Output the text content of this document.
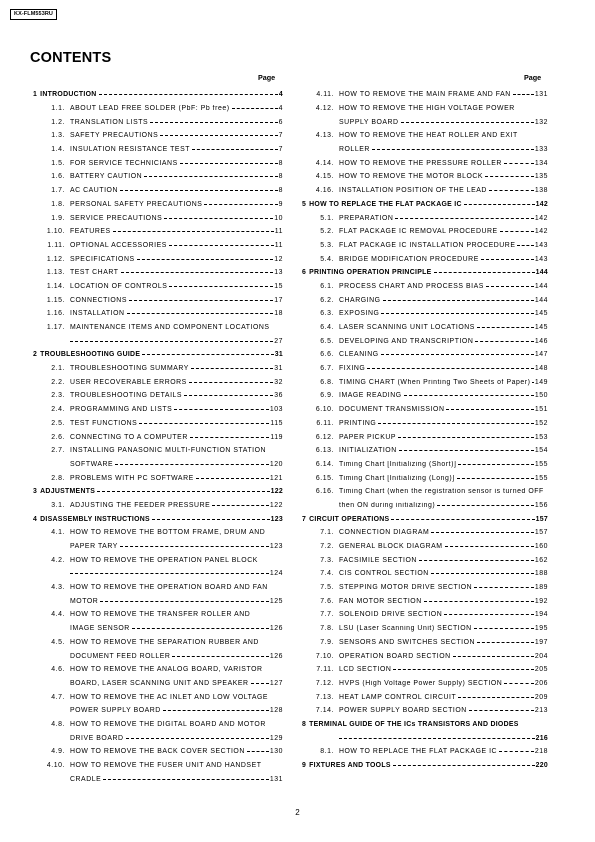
KX-FLM553RU
CONTENTS
Page	Page
1 INTRODUCTION	4
1.1. ABOUT LEAD FREE SOLDER (PbF: Pb free)	4
1.2. TRANSLATION LISTS	6
1.3. SAFETY PRECAUTIONS	7
1.4. INSULATION RESISTANCE TEST	7
1.5. FOR SERVICE TECHNICIANS	8
1.6. BATTERY CAUTION	8
1.7. AC CAUTION	8
1.8. PERSONAL SAFETY PRECAUTIONS	9
1.9. SERVICE PRECAUTIONS	10
1.10. FEATURES	11
1.11. OPTIONAL ACCESSORIES	11
1.12. SPECIFICATIONS	12
1.13. TEST CHART	13
1.14. LOCATION OF CONTROLS	15
1.15. CONNECTIONS	17
1.16. INSTALLATION	18
1.17. MAINTENANCE ITEMS AND COMPONENT LOCATIONS
27
2 TROUBLESHOOTING GUIDE	31
2.1. TROUBLESHOOTING SUMMARY	31
2.2. USER RECOVERABLE ERRORS	32
2.3. TROUBLESHOOTING DETAILS	36
2.4. PROGRAMMING AND LISTS	103
2.5. TEST FUNCTIONS	115
2.6. CONNECTING TO A COMPUTER	119
2.7. INSTALLING PANASONIC MULTI-FUNCTION STATION
SOFTWARE	120
2.8. PROBLEMS WITH PC SOFTWARE	121
3 ADJUSTMENTS	122
3.1. ADJUSTING THE FEEDER PRESSURE	122
4 DISASSEMBLY INSTRUCTIONS	123
4.1. HOW TO REMOVE THE BOTTOM FRAME, DRUM AND
PAPER TARY	123
4.2. HOW TO REMOVE THE OPERATION PANEL BLOCK
124
4.3. HOW TO REMOVE THE OPERATION BOARD AND FAN
MOTOR	125
4.4. HOW TO REMOVE THE TRANSFER ROLLER AND
IMAGE SENSOR	126
4.5. HOW TO REMOVE THE SEPARATION RUBBER AND
DOCUMENT FEED ROLLER	126
4.6. HOW TO REMOVE THE ANALOG BOARD, VARISTOR
BOARD, LASER SCANNING UNIT AND SPEAKER	127
4.7. HOW TO REMOVE THE AC INLET AND LOW VOLTAGE
POWER SUPPLY BOARD	128
4.8. HOW TO REMOVE THE DIGITAL BOARD AND MOTOR
DRIVE BOARD	129
4.9. HOW TO REMOVE THE BACK COVER SECTION	130
4.10. HOW TO REMOVE THE FUSER UNIT AND HANDSET
CRADLE	131
4.11. HOW TO REMOVE THE MAIN FRAME AND FAN	131
4.12. HOW TO REMOVE THE HIGH VOLTAGE POWER
SUPPLY BOARD	132
4.13. HOW TO REMOVE THE HEAT ROLLER AND EXIT
ROLLER	133
4.14. HOW TO REMOVE THE PRESSURE ROLLER	134
4.15. HOW TO REMOVE THE MOTOR BLOCK	135
4.16. INSTALLATION POSITION OF THE LEAD	138
5 HOW TO REPLACE THE FLAT PACKAGE IC	142
5.1. PREPARATION	142
5.2. FLAT PACKAGE IC REMOVAL PROCEDURE	142
5.3. FLAT PACKAGE IC INSTALLATION PROCEDURE	143
5.4. BRIDGE MODIFICATION PROCEDURE	143
6 PRINTING OPERATION PRINCIPLE	144
6.1. PROCESS CHART AND PROCESS BIAS	144
6.2. CHARGING	144
6.3. EXPOSING	145
6.4. LASER SCANNING UNIT LOCATIONS	145
6.5. DEVELOPING AND TRANSCRIPTION	146
6.6. CLEANING	147
6.7. FIXING	148
6.8. TIMING CHART (When Printing Two Sheets of Paper) 149
6.9. IMAGE READING	150
6.10. DOCUMENT TRANSMISSION	151
6.11. PRINTING	152
6.12. PAPER PICKUP	153
6.13. INITIALIZATION	154
6.14. Timing Chart [Initializing (Short)]	155
6.15. Timing Chart [Initializing (Long)]	155
6.16. Timing Chart (when the registration sensor is turned OFF
then ON during initializing)	156
7 CIRCUIT OPERATIONS	157
7.1. CONNECTION DIAGRAM	157
7.2. GENERAL BLOCK DIAGRAM	160
7.3. FACSIMILE SECTION	162
7.4. CIS CONTROL SECTION	188
7.5. STEPPING MOTOR DRIVE SECTION	189
7.6. FAN MOTOR SECTION	192
7.7. SOLENOID DRIVE SECTION	194
7.8. LSU (Laser Scanning Unit) SECTION	195
7.9. SENSORS AND SWITCHES SECTION	197
7.10. OPERATION BOARD SECTION	204
7.11. LCD SECTION	205
7.12. HVPS (High Voltage Power Supply) SECTION	206
7.13. HEAT LAMP CONTROL CIRCUIT	209
7.14. POWER SUPPLY BOARD SECTION	213
8 TERMINAL GUIDE OF THE ICs TRANSISTORS AND DIODES
216
8.1. HOW TO REPLACE THE FLAT PACKAGE IC	218
9 FIXTURES AND TOOLS	220
2
